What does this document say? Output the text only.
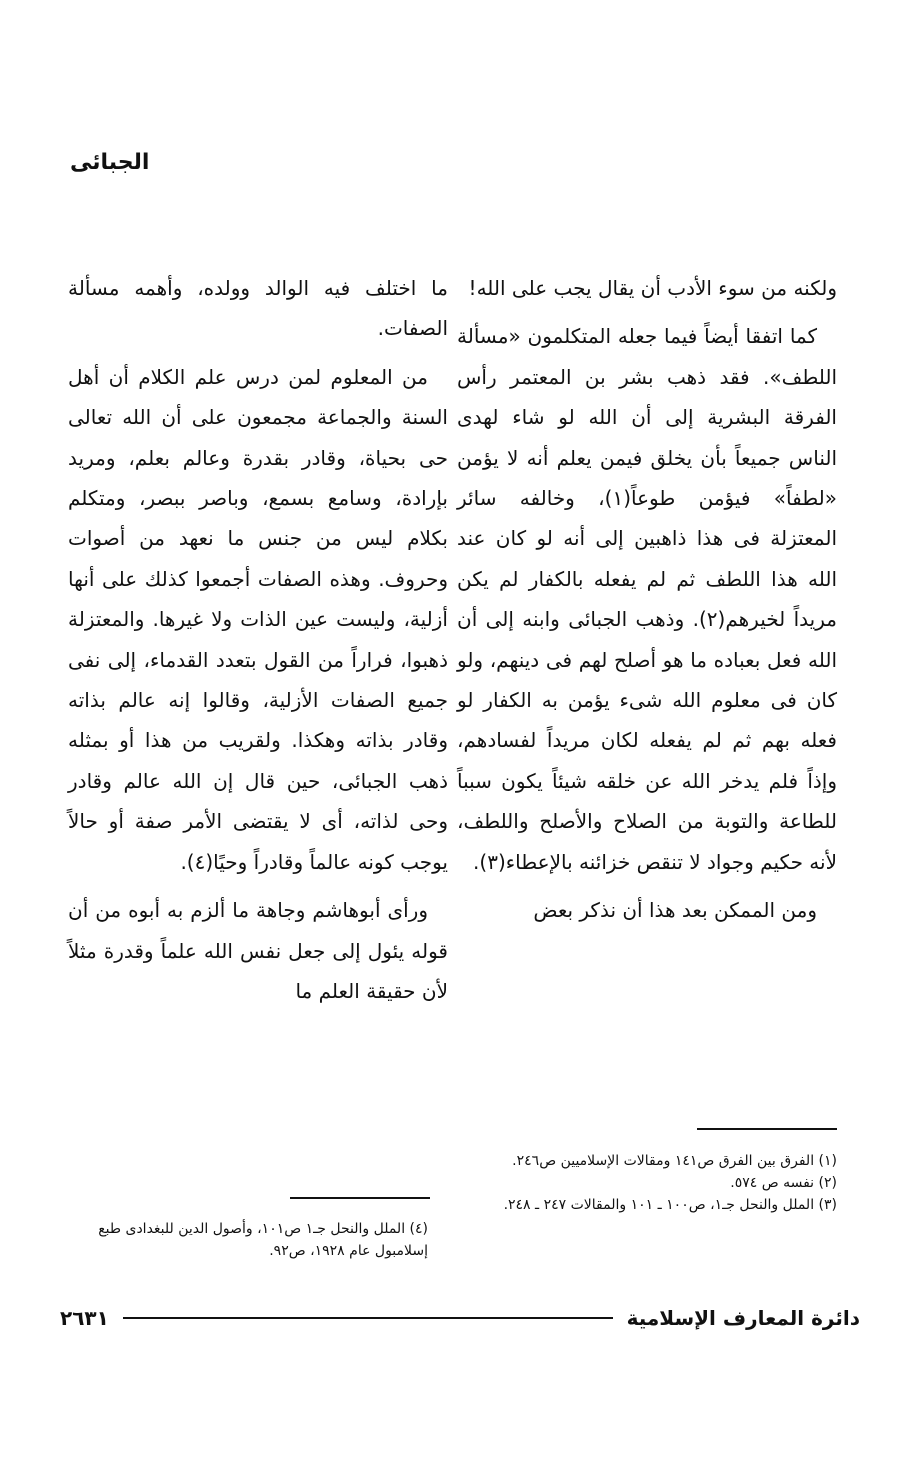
الجبائى

ولكنه من سوء الأدب أن يقال يجب على الله!

كما اتفقا أيضاً فيما جعله المتكلمون «مسألة اللطف». فقد ذهب بشر بن المعتمر رأس الفرقة البشرية إلى أن الله لو شاء لهدى الناس جميعاً بأن يخلق فيمن يعلم أنه لا يؤمن «لطفاً» فيؤمن طوعاً(١)، وخالفه سائر المعتزلة فى هذا ذاهبين إلى أنه لو كان عند الله هذا اللطف ثم لم يفعله بالكفار لم يكن مريداً لخيرهم(٢). وذهب الجبائى وابنه إلى أن الله فعل بعباده ما هو أصلح لهم فى دينهم، ولو كان فى معلوم الله شىء يؤمن به الكفار لو فعله بهم ثم لم يفعله لكان مريداً لفسادهم، وإذاً فلم يدخر الله عن خلقه شيئاً يكون سبباً للطاعة والتوبة من الصلاح والأصلح واللطف، لأنه حكيم وجواد لا تنقص خزائنه بالإعطاء(٣).

ومن الممكن بعد هذا أن نذكر بعض

ما اختلف فيه الوالد وولده، وأهمه مسألة الصفات.

من المعلوم لمن درس علم الكلام أن أهل السنة والجماعة مجمعون على أن الله تعالى حى بحياة، وقادر بقدرة وعالم بعلم، ومريد بإرادة، وسامع بسمع، وباصر ببصر، ومتكلم بكلام ليس من جنس ما نعهد من أصوات وحروف. وهذه الصفات أجمعوا كذلك على أنها أزلية، وليست عين الذات ولا غيرها. والمعتزلة ذهبوا، فراراً من القول بتعدد القدماء، إلى نفى جميع الصفات الأزلية، وقالوا إنه عالم بذاته وقادر بذاته وهكذا. ولقريب من هذا أو بمثله ذهب الجبائى، حين قال إن الله عالم وقادر وحى لذاته، أى لا يقتضى الأمر صفة أو حالاً يوجب كونه عالماً وقادراً وحيًا(٤).

ورأى أبوهاشم وجاهة ما ألزم به أبوه من أن قوله يئول إلى جعل نفس الله علماً وقدرة مثلاً لأن حقيقة العلم ما

(١) الفرق بين الفرق ص١٤١ ومقالات الإسلاميين ص٢٤٦.
(٢) نفسه ص ٥٧٤.
(٣) الملل والنحل جـ١، ص١٠٠ ـ ١٠١ والمقالات ٢٤٧ ـ ٢٤٨.
(٤) الملل والنحل جـ١ ص١٠١، وأصول الدين للبغدادى طبع إسلامبول عام ١٩٢٨، ص٩٢.
دائرة المعارف الإسلامية
٢٦٣١
